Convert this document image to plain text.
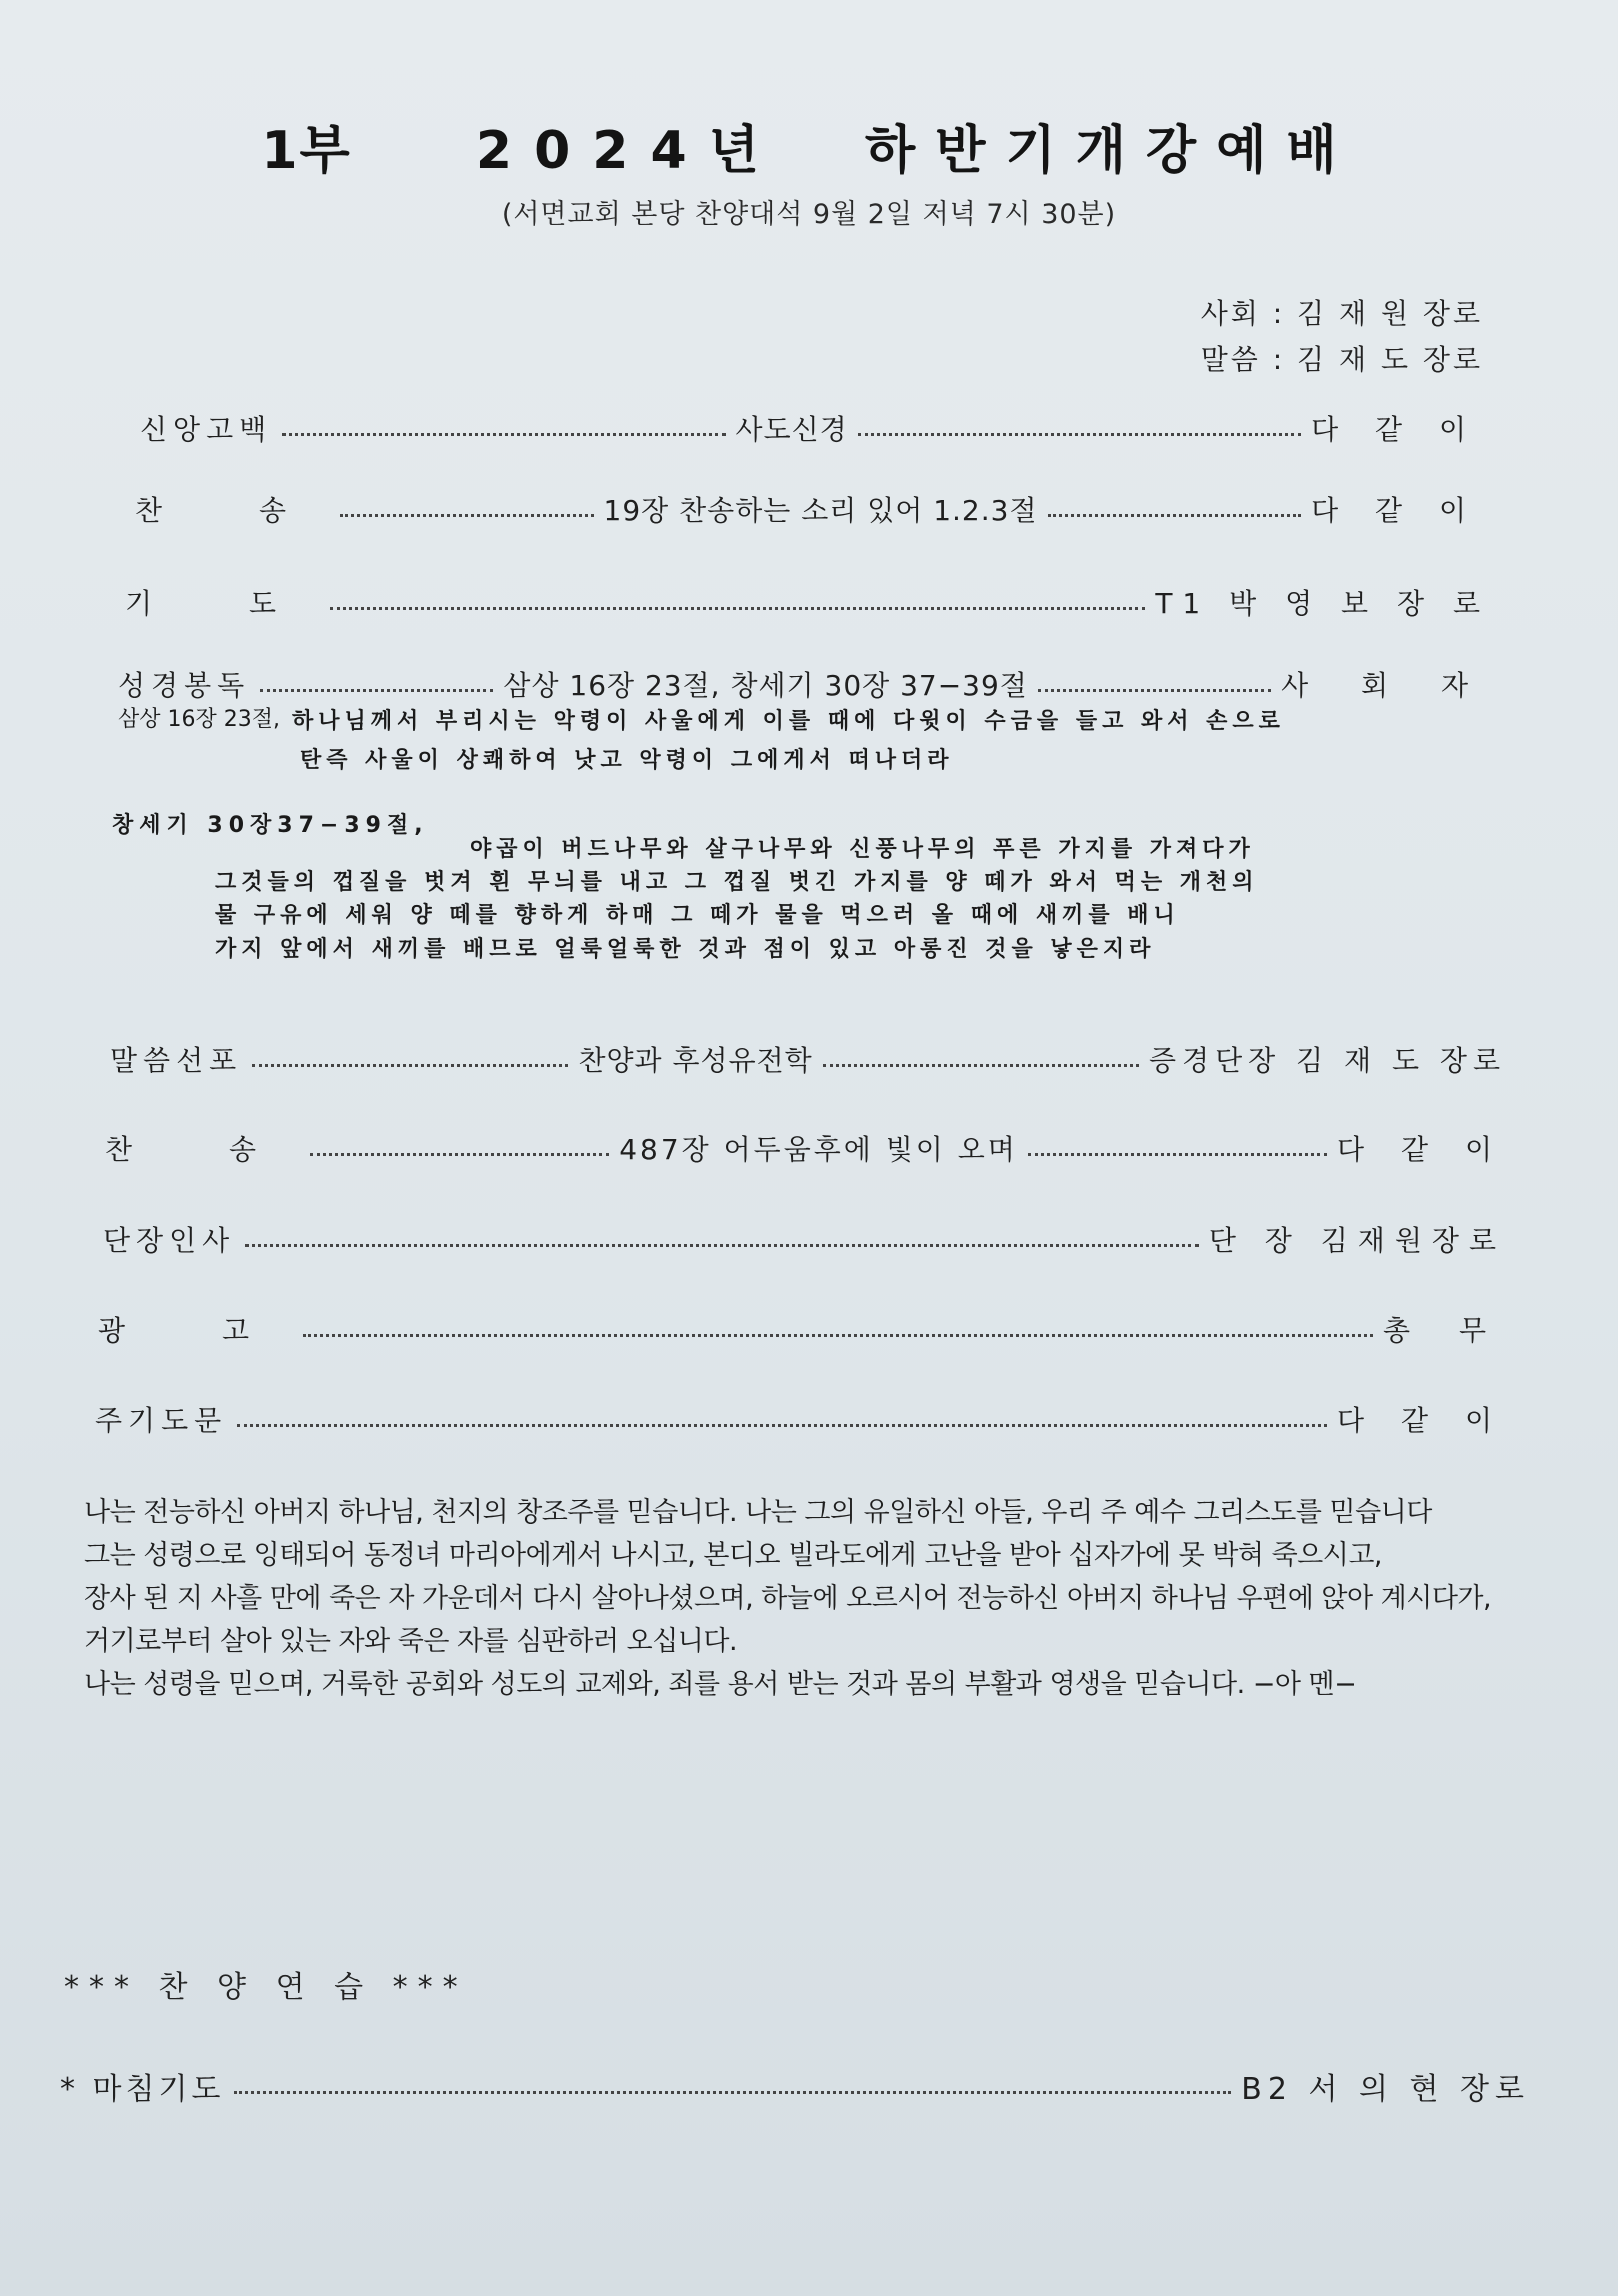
1부 2024년 하반기개강예배
(서면교회 본당 찬양대석 9월 2일 저녁 7시 30분)
사회 : 김 재 원 장로
말씀 : 김 재 도 장로
신앙고백	사도신경	다 같 이
찬 송	19장 찬송하는 소리 있어 1.2.3절	다 같 이
기 도	T1 박 영 보 장 로
성경봉독	삼상 16장 23절, 창세기 30장 37−39절	사 회 자
삼상 16장 23절, 하나님께서 부리시는 악령이 사울에게 이를 때에 다윗이 수금을 들고 와서 손으로
탄즉 사울이 상쾌하여 낫고 악령이 그에게서 떠나더라
창세기 30장37−39절,
야곱이 버드나무와 살구나무와 신풍나무의 푸른 가지를 가져다가
그것들의 껍질을 벗겨 흰 무늬를 내고 그 껍질 벗긴 가지를 양 떼가 와서 먹는 개천의
물 구유에 세워 양 떼를 향하게 하매 그 떼가 물을 먹으러 올 때에 새끼를 배니
가지 앞에서 새끼를 배므로 얼룩얼룩한 것과 점이 있고 아롱진 것을 낳은지라
말씀선포	찬양과 후성유전학	증경단장 김 재 도 장로
찬 송	487장 어두움후에 빛이 오며	다 같 이
단장인사	단 장 김재원장로
광 고	총 무
주기도문	다 같 이
나는 전능하신 아버지 하나님, 천지의 창조주를 믿습니다. 나는 그의 유일하신 아들, 우리 주 예수 그리스도를 믿습니다
그는 성령으로 잉태되어 동정녀 마리아에게서 나시고, 본디오 빌라도에게 고난을 받아 십자가에 못 박혀 죽으시고,
장사 된 지 사흘 만에 죽은 자 가운데서 다시 살아나셨으며, 하늘에 오르시어 전능하신 아버지 하나님 우편에 앉아 계시다가,
거기로부터 살아 있는 자와 죽은 자를 심판하러 오십니다.
나는 성령을 믿으며, 거룩한 공회와 성도의 교제와, 죄를 용서 받는 것과 몸의 부활과 영생을 믿습니다. −아 멘−
*** 찬 양 연 습 ***
* 마침기도	B2 서 의 현 장로
